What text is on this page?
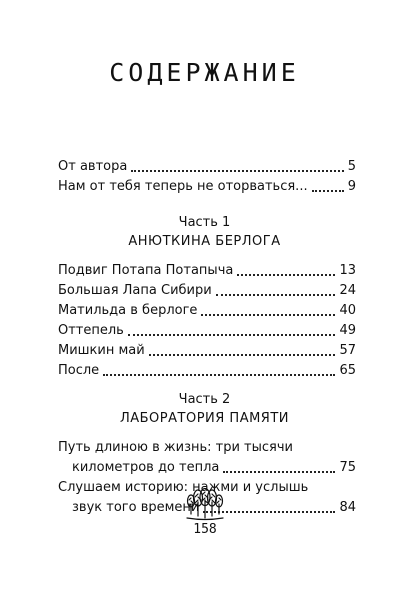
СОДЕРЖАНИЕ
От автора	5
Нам от тебя теперь не оторваться...	9
Часть 1
АНЮТКИНА БЕРЛОГА
Подвиг Потапа Потапыча	13
Большая Лапа Сибири	24
Матильда в берлоге	40
Оттепель	49
Мишкин май	57
После	65
Часть 2
ЛАБОРАТОРИЯ ПАМЯТИ
Путь длиною в жизнь: три тысячи
километров до тепла	75
Слушаем историю: нажми и услышь
звук того времени	84
158
